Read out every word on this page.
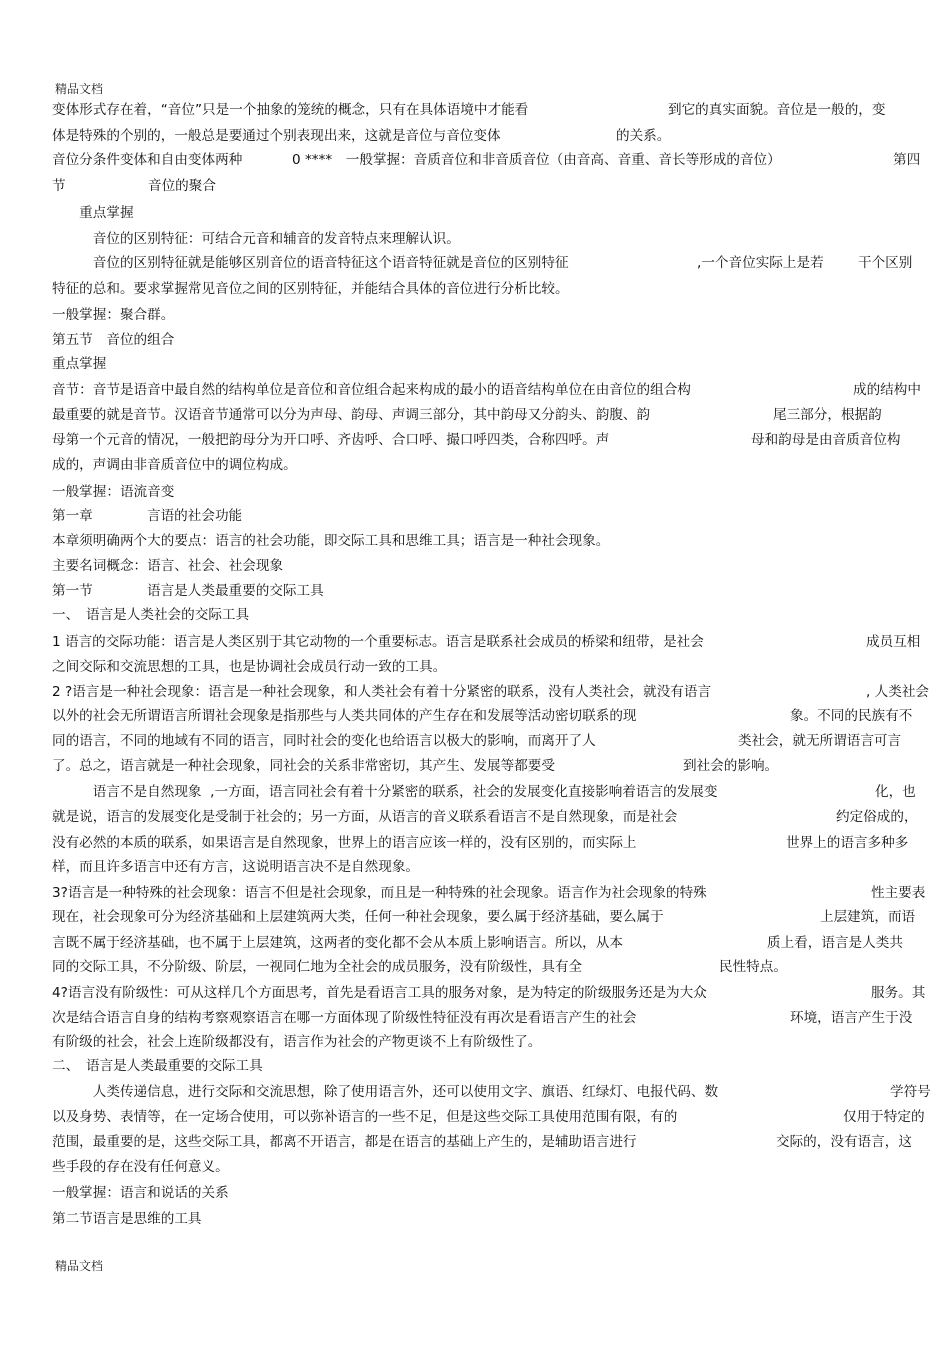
精品文档
变体形式存在着，“音位”只是一个抽象的笼统的概念，只有在具体语境中才能看	到它的真实面貌。音位是一般的，变
体是特殊的个别的，一般总是要通过个别表现出来，这就是音位与音位变体	的关系。
音位分条件变体和自由变体两种	0 ****　一般掌握：音质音位和非音质音位（由音高、音重、音长等形成的音位）	第四
节	音位的聚合
　　重点掌握
　　　音位的区别特征：可结合元音和辅音的发音特点来理解认识。
　　　音位的区别特征就是能够区别音位的语音特征这个语音特征就是音位的区别特征	,一个音位实际上是若	干个区别
特征的总和。要求掌握常见音位之间的区别特征，并能结合具体的音位进行分析比较。
一般掌握：聚合群。
第五节　音位的组合
重点掌握
音节：音节是语音中最自然的结构单位是音位和音位组合起来构成的最小的语音结构单位在由音位的组合构	成的结构中
最重要的就是音节。汉语音节通常可以分为声母、韵母、声调三部分，其中韵母又分韵头、韵腹、韵	尾三部分，根据韵
母第一个元音的情况，一般把韵母分为开口呼、齐齿呼、合口呼、撮口呼四类，合称四呼。声	母和韵母是由音质音位构
成的，声调由非音质音位中的调位构成。
一般掌握：语流音变
第一章	言语的社会功能
本章须明确两个大的要点：语言的社会功能，即交际工具和思维工具；语言是一种社会现象。
主要名词概念：语言、社会、社会现象
第一节	语言是人类最重要的交际工具
一、　语言是人类社会的交际工具
1 语言的交际功能：语言是人类区别于其它动物的一个重要标志。语言是联系社会成员的桥梁和纽带，是社会	成员互相
之间交际和交流思想的工具，也是协调社会成员行动一致的工具。
2 ?语言是一种社会现象：语言是一种社会现象，和人类社会有着十分紧密的联系，没有人类社会，就没有语言	, 人类社会
以外的社会无所谓语言所谓社会现象是指那些与人类共同体的产生存在和发展等活动密切联系的现	象。不同的民族有不
同的语言，不同的地域有不同的语言，同时社会的变化也给语言以极大的影响，而离开了人	类社会，就无所谓语言可言
了。总之，语言就是一种社会现象，同社会的关系非常密切，其产生、发展等都要受	到社会的影响。
　　　语言不是自然现象  ,一方面，语言同社会有着十分紧密的联系，社会的发展变化直接影响着语言的发展变	化，也
就是说，语言的发展变化是受制于社会的；另一方面，从语言的音义联系看语言不是自然现象，而是社会	约定俗成的，
没有必然的本质的联系，如果语言是自然现象，世界上的语言应该一样的，没有区别的，而实际上	世界上的语言多种多
样，而且许多语言中还有方言，这说明语言决不是自然现象。
3?语言是一种特殊的社会现象：语言不但是社会现象，而且是一种特殊的社会现象。语言作为社会现象的特殊	性主要表
现在，社会现象可分为经济基础和上层建筑两大类，任何一种社会现象，要么属于经济基础，要么属于	上层建筑，而语
言既不属于经济基础，也不属于上层建筑，这两者的变化都不会从本质上影响语言。所以，从本	质上看，语言是人类共
同的交际工具，不分阶级、阶层，一视同仁地为全社会的成员服务，没有阶级性，具有全	民性特点。
4?语言没有阶级性：可从这样几个方面思考，首先是看语言工具的服务对象，是为特定的阶级服务还是为大众	服务。其
次是结合语言自身的结构考察观察语言在哪一方面体现了阶级性特征没有再次是看语言产生的社会	环境，语言产生于没
有阶级的社会，社会上连阶级都没有，语言作为社会的产物更谈不上有阶级性了。
二、　语言是人类最重要的交际工具
　　　人类传递信息，进行交际和交流思想，除了使用语言外，还可以使用文字、旗语、红绿灯、电报代码、数	学符号
以及身势、表情等，在一定场合使用，可以弥补语言的一些不足，但是这些交际工具使用范围有限，有的	仅用于特定的
范围，最重要的是，这些交际工具，都离不开语言，都是在语言的基础上产生的，是辅助语言进行	交际的，没有语言，这
些手段的存在没有任何意义。
一般掌握：语言和说话的关系
第二节语言是思维的工具
精品文档
